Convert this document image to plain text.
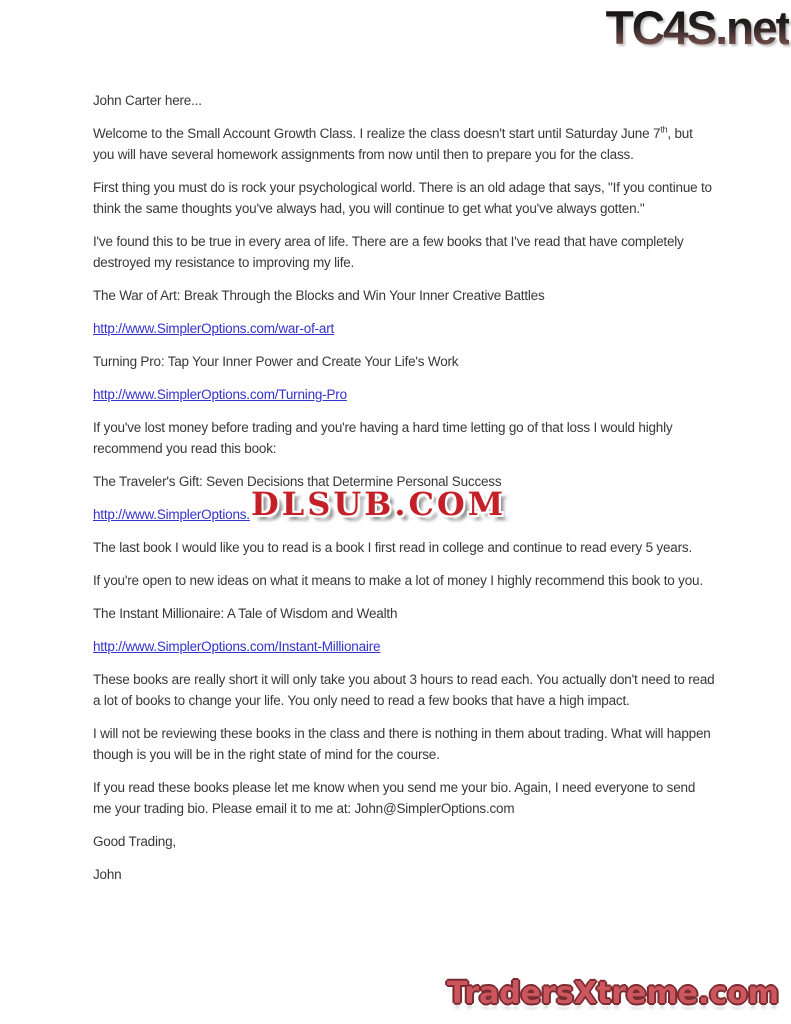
TC4S.net

John Carter here...

Welcome to the Small Account Growth Class. I realize the class doesn't start until Saturday June 7th, but you will have several homework assignments from now until then to prepare you for the class.

First thing you must do is rock your psychological world. There is an old adage that says, "If you continue to think the same thoughts you've always had, you will continue to get what you've always gotten."

I've found this to be true in every area of life. There are a few books that I've read that have completely destroyed my resistance to improving my life.

The War of Art: Break Through the Blocks and Win Your Inner Creative Battles

http://www.SimplerOptions.com/war-of-art

Turning Pro: Tap Your Inner Power and Create Your Life's Work

http://www.SimplerOptions.com/Turning-Pro

If you've lost money before trading and you're having a hard time letting go of that loss I would highly recommend you read this book:

The Traveler's Gift: Seven Decisions that Determine Personal Success

http://www.SimplerOptions. DLSUB.COM

The last book I would like you to read is a book I first read in college and continue to read every 5 years.

If you're open to new ideas on what it means to make a lot of money I highly recommend this book to you.

The Instant Millionaire: A Tale of Wisdom and Wealth

http://www.SimplerOptions.com/Instant-Millionaire

These books are really short it will only take you about 3 hours to read each. You actually don't need to read a lot of books to change your life. You only need to read a few books that have a high impact.

I will not be reviewing these books in the class and there is nothing in them about trading. What will happen though is you will be in the right state of mind for the course.

If you read these books please let me know when you send me your bio. Again, I need everyone to send me your trading bio. Please email it to me at: John@SimplerOptions.com

Good Trading,

John

TradersXtreme.com
